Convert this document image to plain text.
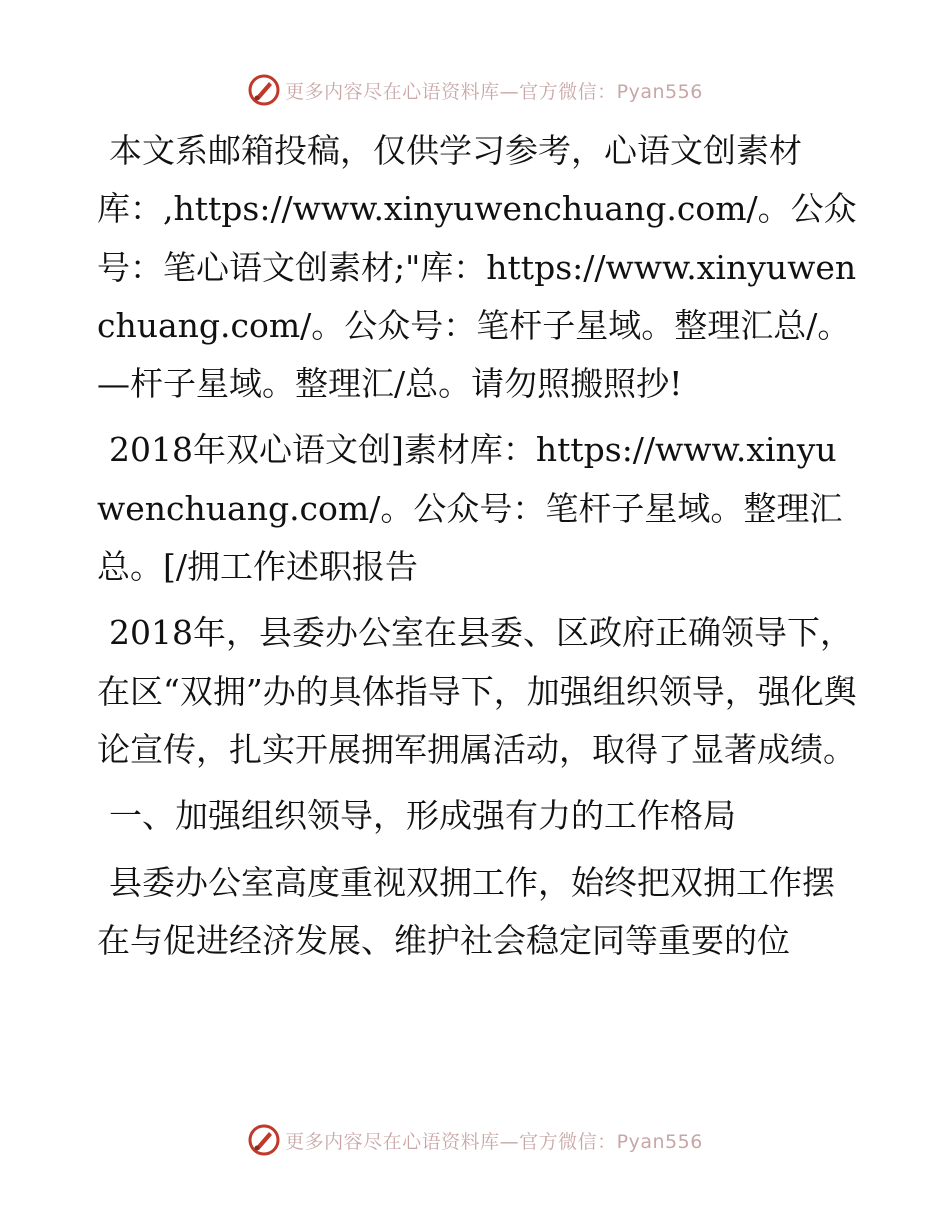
更多内容尽在心语资料库—官方微信：Pyan556

本文系邮箱投稿，仅供学习参考，心语文创素材库：,https://www.xinyuwenchuang.com/。公众号：笔心语文创素材;"库：https://www.xinyuwenchuang.com/。公众号：笔杆子星域。整理汇总/。—杆子星域。整理汇/总。请勿照搬照抄!

2018年双心语文创]素材库：https://www.xinyuwenchuang.com/。公众号：笔杆子星域。整理汇总。[/拥工作述职报告

2018年，县委办公室在县委、区政府正确领导下，在区“双拥”办的具体指导下，加强组织领导，强化舆论宣传，扎实开展拥军拥属活动，取得了显著成绩。

一、加强组织领导，形成强有力的工作格局

县委办公室高度重视双拥工作，始终把双拥工作摆在与促进经济发展、维护社会稳定同等重要的位

更多内容尽在心语资料库—官方微信：Pyan556
